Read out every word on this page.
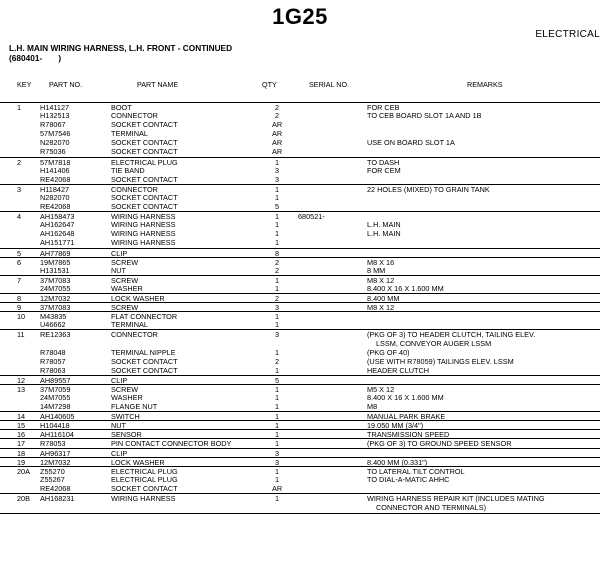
1G25
ELECTRICAL
L.H. MAIN WIRING HARNESS, L.H. FRONT - CONTINUED
(680401-       )
KEY PART NO.	PART NAME	QTY	SERIAL NO.	REMARKS
1	H141127	BOOT	2	FOR CEB
H132513	CONNECTOR	2	TO CEB BOARD SLOT 1A AND 1B
R78067	SOCKET CONTACT	AR
57M7546	TERMINAL	AR
N282070	SOCKET CONTACT	AR	USE ON BOARD SLOT 1A
R75036	SOCKET CONTACT	AR
2	57M7818	ELECTRICAL PLUG	1	TO DASH
H141406	TIE BAND	3	FOR CEM
RE42068	SOCKET CONTACT	3
3	H118427	CONNECTOR	1	22 HOLES (MIXED) TO GRAIN TANK
N282070	SOCKET CONTACT	1
RE42068	SOCKET CONTACT	5
4	AH158473	WIRING HARNESS	1	680521-
AH162647	WIRING HARNESS	1	L.H. MAIN
AH162648	WIRING HARNESS	1	L.H. MAIN
AH151771	WIRING HARNESS	1
5	AH77869	CLIP	8
6	19M7865	SCREW	2	M8 X 16
H131531	NUT	2	8 MM
7	37M7083	SCREW	1	M8 X 12
24M7055	WASHER	1	8.400 X 16 X 1.600 MM
8	12M7032	LOCK WASHER	2	8.400 MM
9	37M7083	SCREW	3	M8 X 12
10 M43835	FLAT CONNECTOR	1
U46662	TERMINAL	1
11 RE12363	CONNECTOR	3	(PKG OF 3) TO HEADER CLUTCH, TAILING ELEV.
LSSM, CONVEYOR AUGER LSSM
R78048	TERMINAL NIPPLE	1	(PKG OF 40)
R78057	SOCKET CONTACT	2	(USE WITH R78059) TAILINGS ELEV. LSSM
R78063	SOCKET CONTACT	1	HEADER CLUTCH
12 AH89557	CLIP	5
13 37M7059	SCREW	1	M5 X 12
24M7055	WASHER	1	8.400 X 16 X 1.600 MM
14M7298	FLANGE NUT	1	M8
14 AH140605	SWITCH	1	MANUAL PARK BRAKE
15 H104418	NUT	1	19.050 MM (3/4")
16 AH116104	SENSOR	1	TRANSMISSION SPEED
17 R78053	PIN CONTACT CONNECTOR BODY	1	(PKG OF 3) TO GROUND SPEED SENSOR
18 AH96317	CLIP	3
19 12M7032	LOCK WASHER	3	8.400 MM (0.331")
20A Z55270	ELECTRICAL PLUG	1	TO LATERAL TILT CONTROL
Z55267	ELECTRICAL PLUG	1	TO DIAL-A-MATIC AHHC
RE42068	SOCKET CONTACT	AR
20B AH168231	WIRING HARNESS	1	WIRING HARNESS REPAIR KIT (INCLUDES MATING
CONNECTOR AND TERMINALS)
